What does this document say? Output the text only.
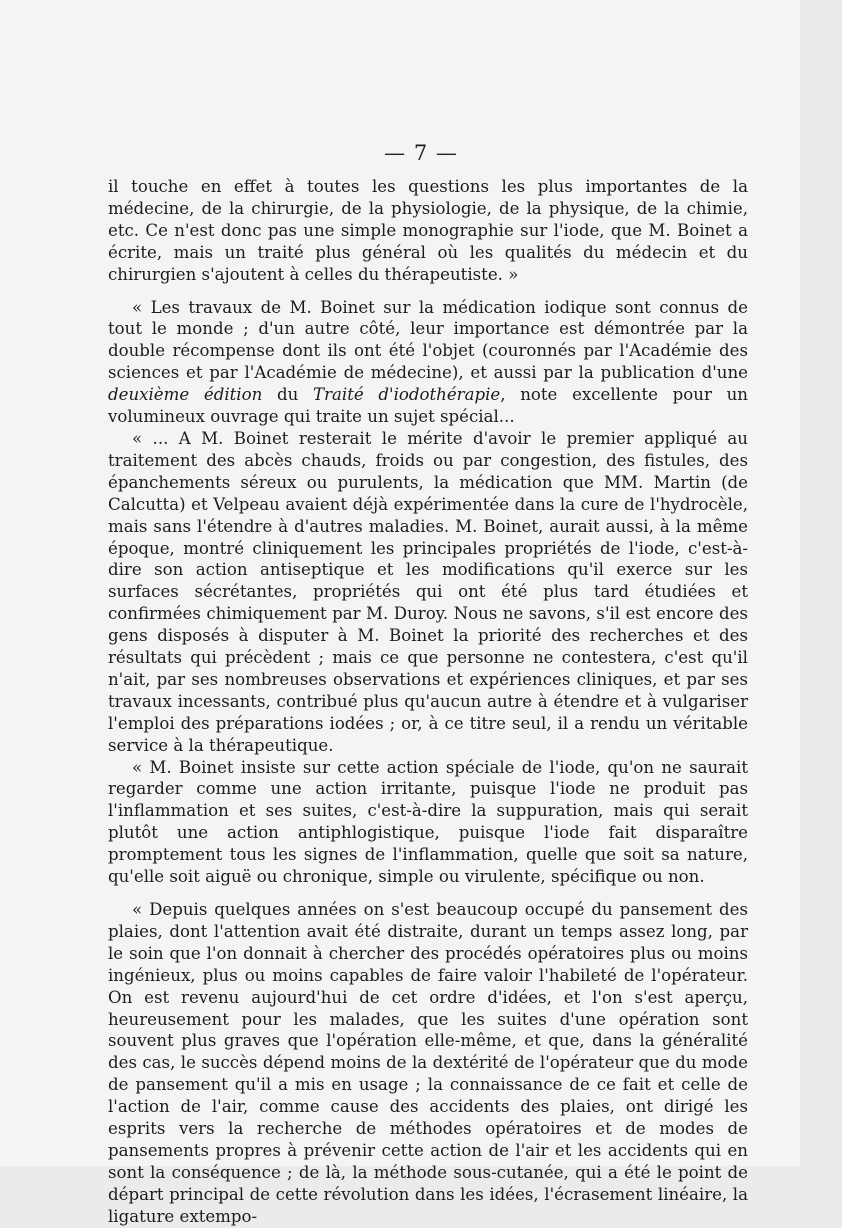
— 7 —

il touche en effet à toutes les questions les plus importantes de la médecine, de la chirurgie, de la physiologie, de la physique, de la chimie, etc. Ce n'est donc pas une simple monographie sur l'iode, que M. Boinet a écrite, mais un traité plus général où les qualités du médecin et du chirurgien s'ajoutent à celles du thérapeutiste. »

« Les travaux de M. Boinet sur la médication iodique sont connus de tout le monde ; d'un autre côté, leur importance est démontrée par la double récompense dont ils ont été l'objet (couronnés par l'Académie des sciences et par l'Académie de médecine), et aussi par la publication d'une deuxième édition du Traité d'iodothérapie, note excellente pour un volumineux ouvrage qui traite un sujet spécial...

« ... A M. Boinet resterait le mérite d'avoir le premier appliqué au traitement des abcès chauds, froids ou par congestion, des fistules, des épanchements séreux ou purulents, la médication que MM. Martin (de Calcutta) et Velpeau avaient déjà expérimentée dans la cure de l'hydrocèle, mais sans l'étendre à d'autres maladies. M. Boinet, aurait aussi, à la même époque, montré cliniquement les principales propriétés de l'iode, c'est-à-dire son action antiseptique et les modifications qu'il exerce sur les surfaces sécrétantes, propriétés qui ont été plus tard étudiées et confirmées chimiquement par M. Duroy. Nous ne savons, s'il est encore des gens disposés à disputer à M. Boinet la priorité des recherches et des résultats qui précèdent ; mais ce que personne ne contestera, c'est qu'il n'ait, par ses nombreuses observations et expériences cliniques, et par ses travaux incessants, contribué plus qu'aucun autre à étendre et à vulgariser l'emploi des préparations iodées ; or, à ce titre seul, il a rendu un véritable service à la thérapeutique.

« M. Boinet insiste sur cette action spéciale de l'iode, qu'on ne saurait regarder comme une action irritante, puisque l'iode ne produit pas l'inflammation et ses suites, c'est-à-dire la suppuration, mais qui serait plutôt une action antiphlogistique, puisque l'iode fait disparaître promptement tous les signes de l'inflammation, quelle que soit sa nature, qu'elle soit aiguë ou chronique, simple ou virulente, spécifique ou non.

« Depuis quelques années on s'est beaucoup occupé du pansement des plaies, dont l'attention avait été distraite, durant un temps assez long, par le soin que l'on donnait à chercher des procédés opératoires plus ou moins ingénieux, plus ou moins capables de faire valoir l'habileté de l'opérateur. On est revenu aujourd'hui de cet ordre d'idées, et l'on s'est aperçu, heureusement pour les malades, que les suites d'une opération sont souvent plus graves que l'opération elle-même, et que, dans la généralité des cas, le succès dépend moins de la dextérité de l'opérateur que du mode de pansement qu'il a mis en usage ; la connaissance de ce fait et celle de l'action de l'air, comme cause des accidents des plaies, ont dirigé les esprits vers la recherche de méthodes opératoires et de modes de pansements propres à prévenir cette action de l'air et les accidents qui en sont la conséquence ; de là, la méthode sous-cutanée, qui a été le point de départ principal de cette révolution dans les idées, l'écrasement linéaire, la ligature extempo-
